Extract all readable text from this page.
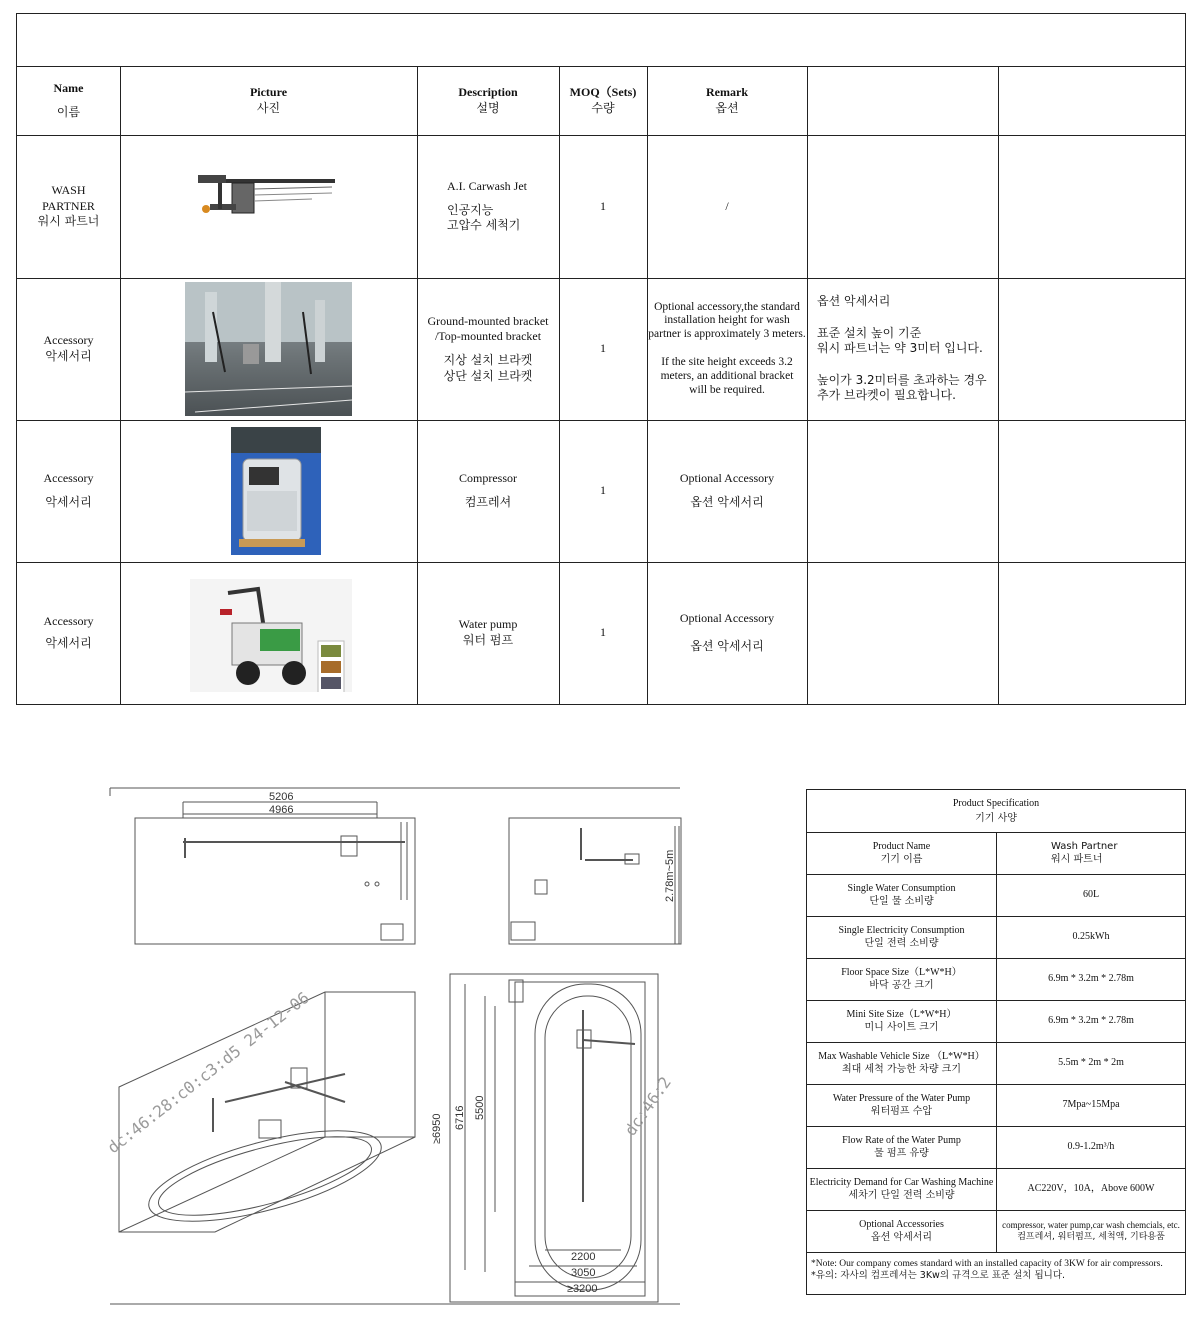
Name
이름
Picture
사진
Description
설명
MOQ（Sets)
수량
Remark
옵션
WASH PARTNER
워시 파트너
A.I. Carwash Jet
인공지능
고압수 세척기
1	/
Accessory
악세서리
Ground-mounted bracket
/Top-mounted bracket
지상 설치 브라켓
상단 설치 브라켓
1
Optional accessory,the standard installation height for wash partner is approximately 3 meters.
If the site height exceeds 3.2 meters, an additional bracket will be required.
옵션 악세서리
표준 설치 높이 기준
워시 파트너는 약 3미터 입니다.
높이가 3.2미터를 초과하는 경우
추가 브라켓이 필요합니다.
Accessory
악세서리
Compressor
컴프레셔
1
Optional Accessory
옵션 악세서리
Accessory
악세서리
Water pump
워터 펌프
1
Optional Accessory
옵션 악세서리
5206
4966
2.78m~5m
≥6950 6716 5500
2200
3050
≥3200
dc:46:28:c0:c3:d5 24-12-06	dc:46:2
Product Specification
기기 사양
Product Name
기기 이름
Wash Partner
워시 파트너
Single Water Consumption
단일 물 소비량
60L
Single Electricity Consumption
단일 전력 소비량
0.25kWh
Floor Space Size（L*W*H）
바닥 공간 크기
6.9m * 3.2m * 2.78m
Mini Site Size（L*W*H）
미니 사이트 크기
6.9m * 3.2m * 2.78m
Max Washable Vehicle Size （L*W*H）
최대 세척 가능한 차량 크기
5.5m * 2m * 2m
Water Pressure of the Water Pump
워터펌프 수압
7Mpa~15Mpa
Flow Rate of the Water Pump
물 펌프 유량
0.9-1.2m³/h
Electricity Demand for Car Washing Machine
세차기 단일 전력 소비량
AC220V，10A，Above 600W
Optional Accessories
옵션 악세서리
compressor, water pump,car wash chemcials, etc.
컴프레셔, 워터펌프, 세척액, 기타용품
*Note: Our company comes standard with an installed capacity of 3KW for air compressors.
*유의: 자사의 컴프레셔는 3Kw의 규격으로 표준 설치 됩니다.
